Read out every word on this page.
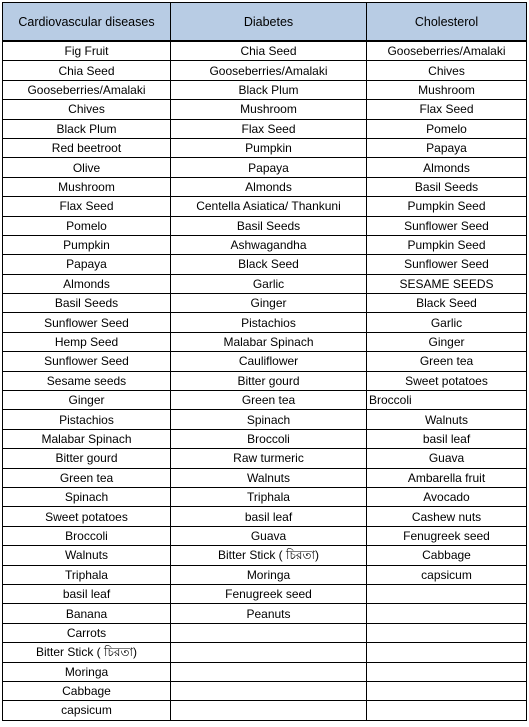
Cardiovascular diseases	Diabetes	Cholesterol
Fig Fruit	Chia Seed	Gooseberries/Amalaki
Chia Seed	Gooseberries/Amalaki	Chives
Gooseberries/Amalaki	Black Plum	Mushroom
Chives	Mushroom	Flax Seed
Black Plum	Flax Seed	Pomelo
Red beetroot	Pumpkin	Papaya
Olive	Papaya	Almonds
Mushroom	Almonds	Basil Seeds
Flax Seed	Centella Asiatica/ Thankuni	Pumpkin Seed
Pomelo	Basil Seeds	Sunflower Seed
Pumpkin	Ashwagandha	Pumpkin Seed
Papaya	Black Seed	Sunflower Seed
Almonds	Garlic	SESAME SEEDS
Basil Seeds	Ginger	Black Seed
Sunflower Seed	Pistachios	Garlic
Hemp Seed	Malabar Spinach	Ginger
Sunflower Seed	Cauliflower	Green tea
Sesame seeds	Bitter gourd	Sweet potatoes
Ginger	Green tea	Broccoli
Pistachios	Spinach	Walnuts
Malabar Spinach	Broccoli	basil leaf
Bitter gourd	Raw turmeric	Guava
Green tea	Walnuts	Ambarella fruit
Spinach	Triphala	Avocado
Sweet potatoes	basil leaf	Cashew nuts
Broccoli	Guava	Fenugreek seed
Walnuts	Bitter Stick ( চিরতা)	Cabbage
Triphala	Moringa	capsicum
basil leaf	Fenugreek seed	
Banana	Peanuts	
Carrots		
Bitter Stick ( চিরতা)		
Moringa		
Cabbage		
capsicum		
